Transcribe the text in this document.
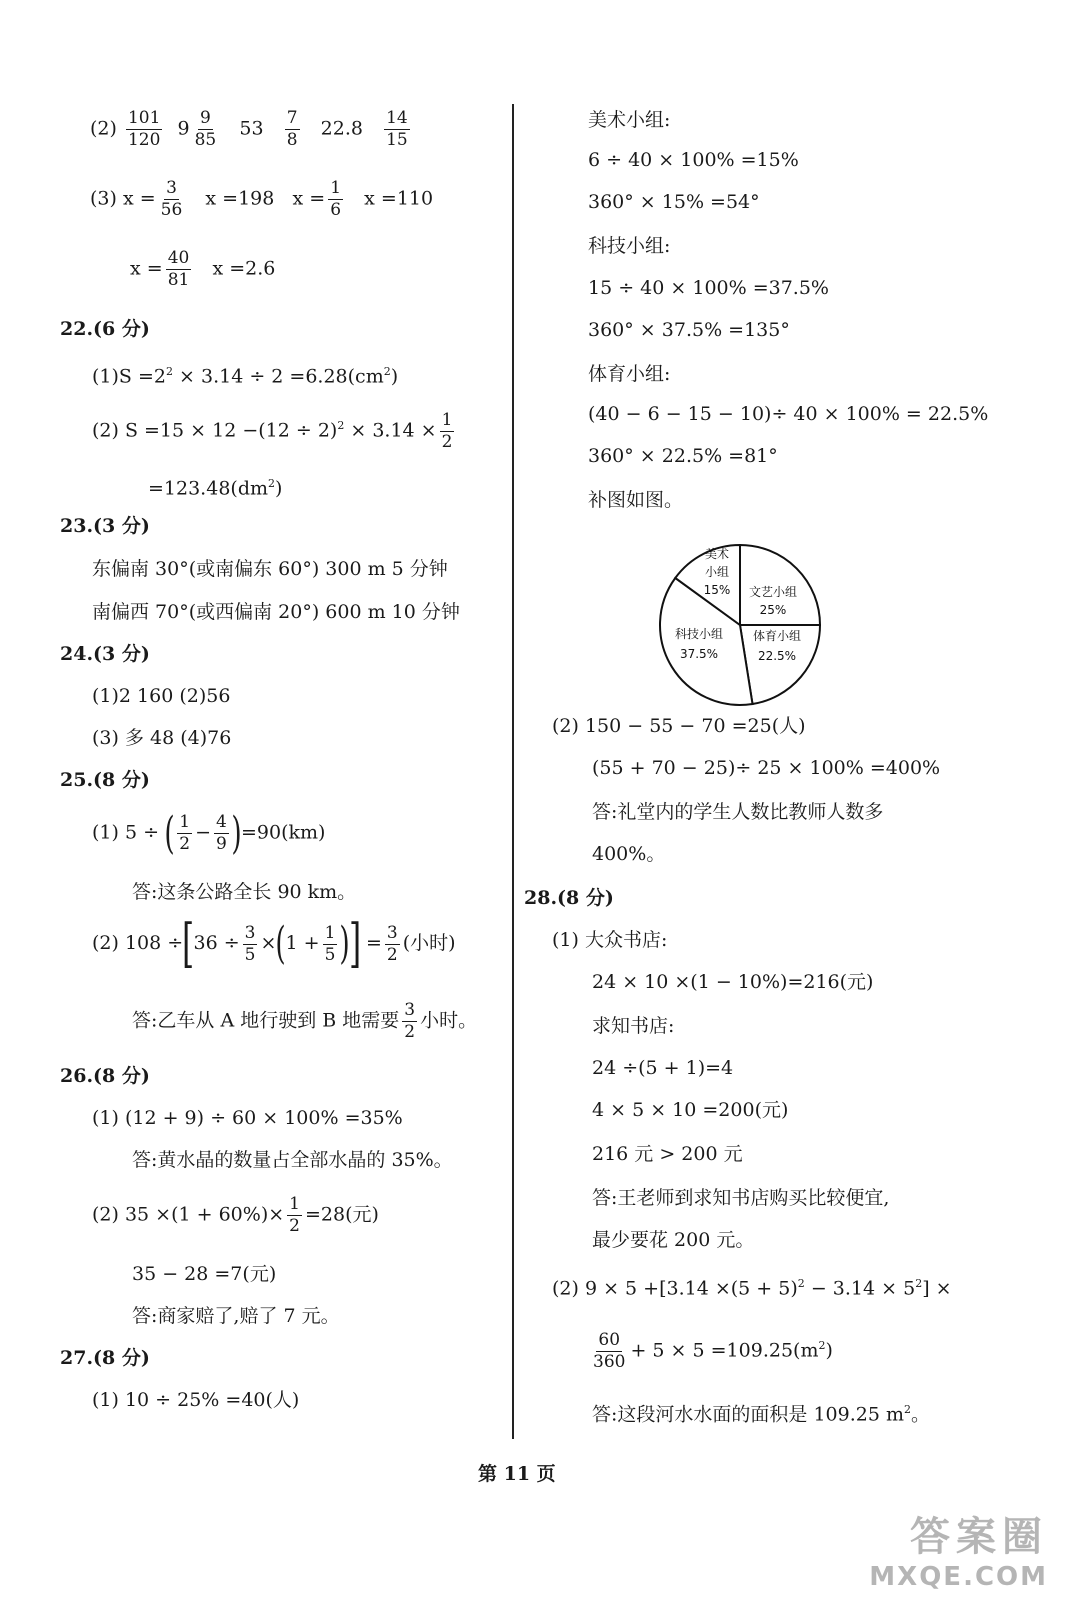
$(2) \frac{101}{120} 9 \frac{9}{85} 53 \frac{7}{8} 22.8 \frac{14}{15}$
(3) $x = \frac{3}{56}$ x =198 $x = \frac{1}{6}$ x =110
$x = \frac{40}{81}$ x =2.6
22.(6 分)
$(1)S =2^2 \times 3.14 \div 2 =6.28(cm^2)$
(2) $S =15 \times 12 -(12 \div 2)^2 \times 3.14 \times \frac{1}{2}$
$=123.48(dm^2)$
23.(3 分)
东偏南 30°(或南偏东 60°) 300 m 5 分钟
南偏西 70°(或西偏南 20°) 600 m 10 分钟
24.(3 分)
(1)2 160 (2)56
(3) 多 48 (4)76
25.(8 分)
(1) 5 ÷ ( $\frac{1}{2} - \frac{4}{9} )=90(km)$
答:这条公路全长 90 km。
(2) $108 \div[36 \div \frac{3}{5} \times(1 + \frac{1}{5}$ )] = $\frac{3}{2}$ (小时)
答:乙车从 A 地行驶到 B 地需要 $\frac{3}{2}$ 小时。
26.(8 分)
(1) (12 + 9) ÷ 60 × 100% =35%
答:黄水晶的数量占全部水晶的 35%。
(2) $35 \times(1 + 60\%)\times \frac{1}{2} =28$(元)
35 − 28 =7(元)
答:商家赔了,赔了 7 元。
27.(8 分)
(1) 10 ÷ 25% =40(人)
美术小组:
6 ÷ 40 × 100% =15%
360° × 15% =54°
科技小组:
15 ÷ 40 × 100% =37.5%
360° × 37.5% =135°
体育小组:
(40 − 6 − 15 − 10)÷ 40 × 100% = 22.5%
360° × 22.5% =81°
补图如图。
美术
小组
15% 文艺小组
25%
体育小组
22.5%
科技小组
37.5%
(2) 150 − 55 − 70 =25(人)
(55 + 70 − 25)÷ 25 × 100% =400%
答:礼堂内的学生人数比教师人数多
400%。
28.(8 分)
(1) 大众书店:
24 × 10 ×(1 − 10%)=216(元)
求知书店:
24 ÷(5 + 1)=4
4 × 5 × 10 =200(元)
216 元 > 200 元
答:王老师到求知书店购买比较便宜,
最少要花 200 元。
(2) $9 \times 5 +[3.14 \times(5 + 5)^2 - 3.14 \times 5^2]$ ×
$\frac{60}{360} + 5 \times 5 =109.25(m^2)$
答:这段河水水面的面积是 109.25 $m^2$。
第 11 页
答案圈
MXQE.COM
